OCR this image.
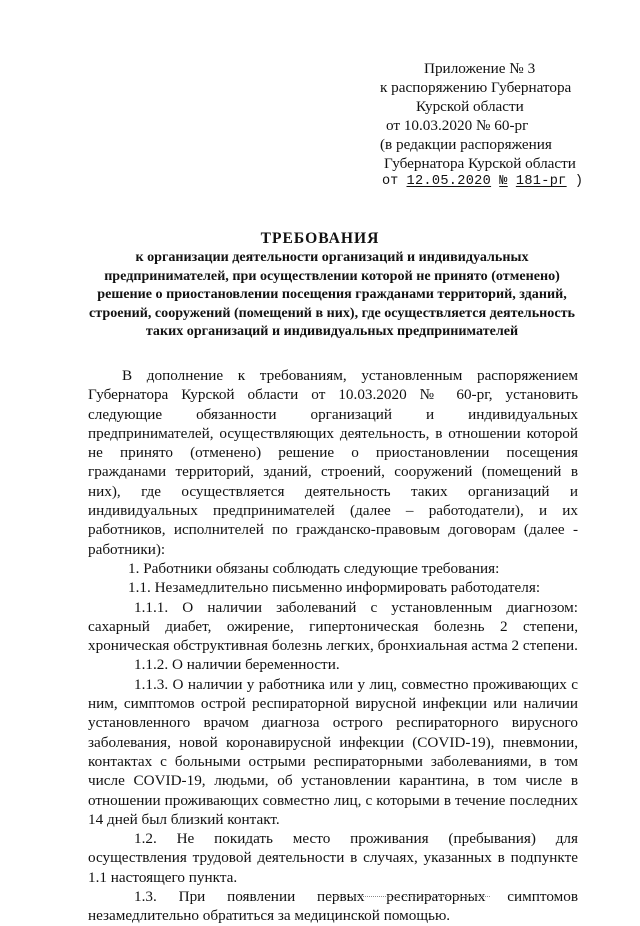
Приложение № 3
к распоряжению Губернатора
Курской области
от 10.03.2020 № 60-рг
(в редакции распоряжения
Губернатора Курской области
от 12.05.2020 № 181-рг )
ТРЕБОВАНИЯ
к организации деятельности организаций и индивидуальных предпринимателей, при осуществлении которой не принято (отменено) решение о приостановлении посещения гражданами территорий, зданий, строений, сооружений (помещений в них), где осуществляется деятельность таких организаций и индивидуальных предпринимателей

В дополнение к требованиям, установленным распоряжением Губернатора Курской области от 10.03.2020 № 60-рг, установить следующие обязанности организаций и индивидуальных предпринимателей, осуществляющих деятельность, в отношении которой не принято (отменено) решение о приостановлении посещения гражданами территорий, зданий, строений, сооружений (помещений в них), где осуществляется деятельность таких организаций и индивидуальных предпринимателей (далее – работодатели), и их работников, исполнителей по гражданско-правовым договорам (далее - работники):

1. Работники обязаны соблюдать следующие требования:

1.1. Незамедлительно письменно информировать работодателя:

1.1.1. О наличии заболеваний с установленным диагнозом: сахарный диабет, ожирение, гипертоническая болезнь 2 степени, хроническая обструктивная болезнь легких, бронхиальная астма 2 степени.

1.1.2. О наличии беременности.

1.1.3. О наличии у работника или у лиц, совместно проживающих с ним, симптомов острой респираторной вирусной инфекции или наличии установленного врачом диагноза острого респираторного вирусного заболевания, новой коронавирусной инфекции (COVID-19), пневмонии, контактах с больными острыми респираторными заболеваниями, в том числе COVID-19, людьми, об установлении карантина, в том числе в отношении проживающих совместно лиц, с которыми в течение последних 14 дней был близкий контакт.

1.2. Не покидать место проживания (пребывания) для осуществления трудовой деятельности в случаях, указанных в подпункте 1.1 настоящего пункта.

1.3. При появлении первых респираторных симптомов незамедлительно обратиться за медицинской помощью.
